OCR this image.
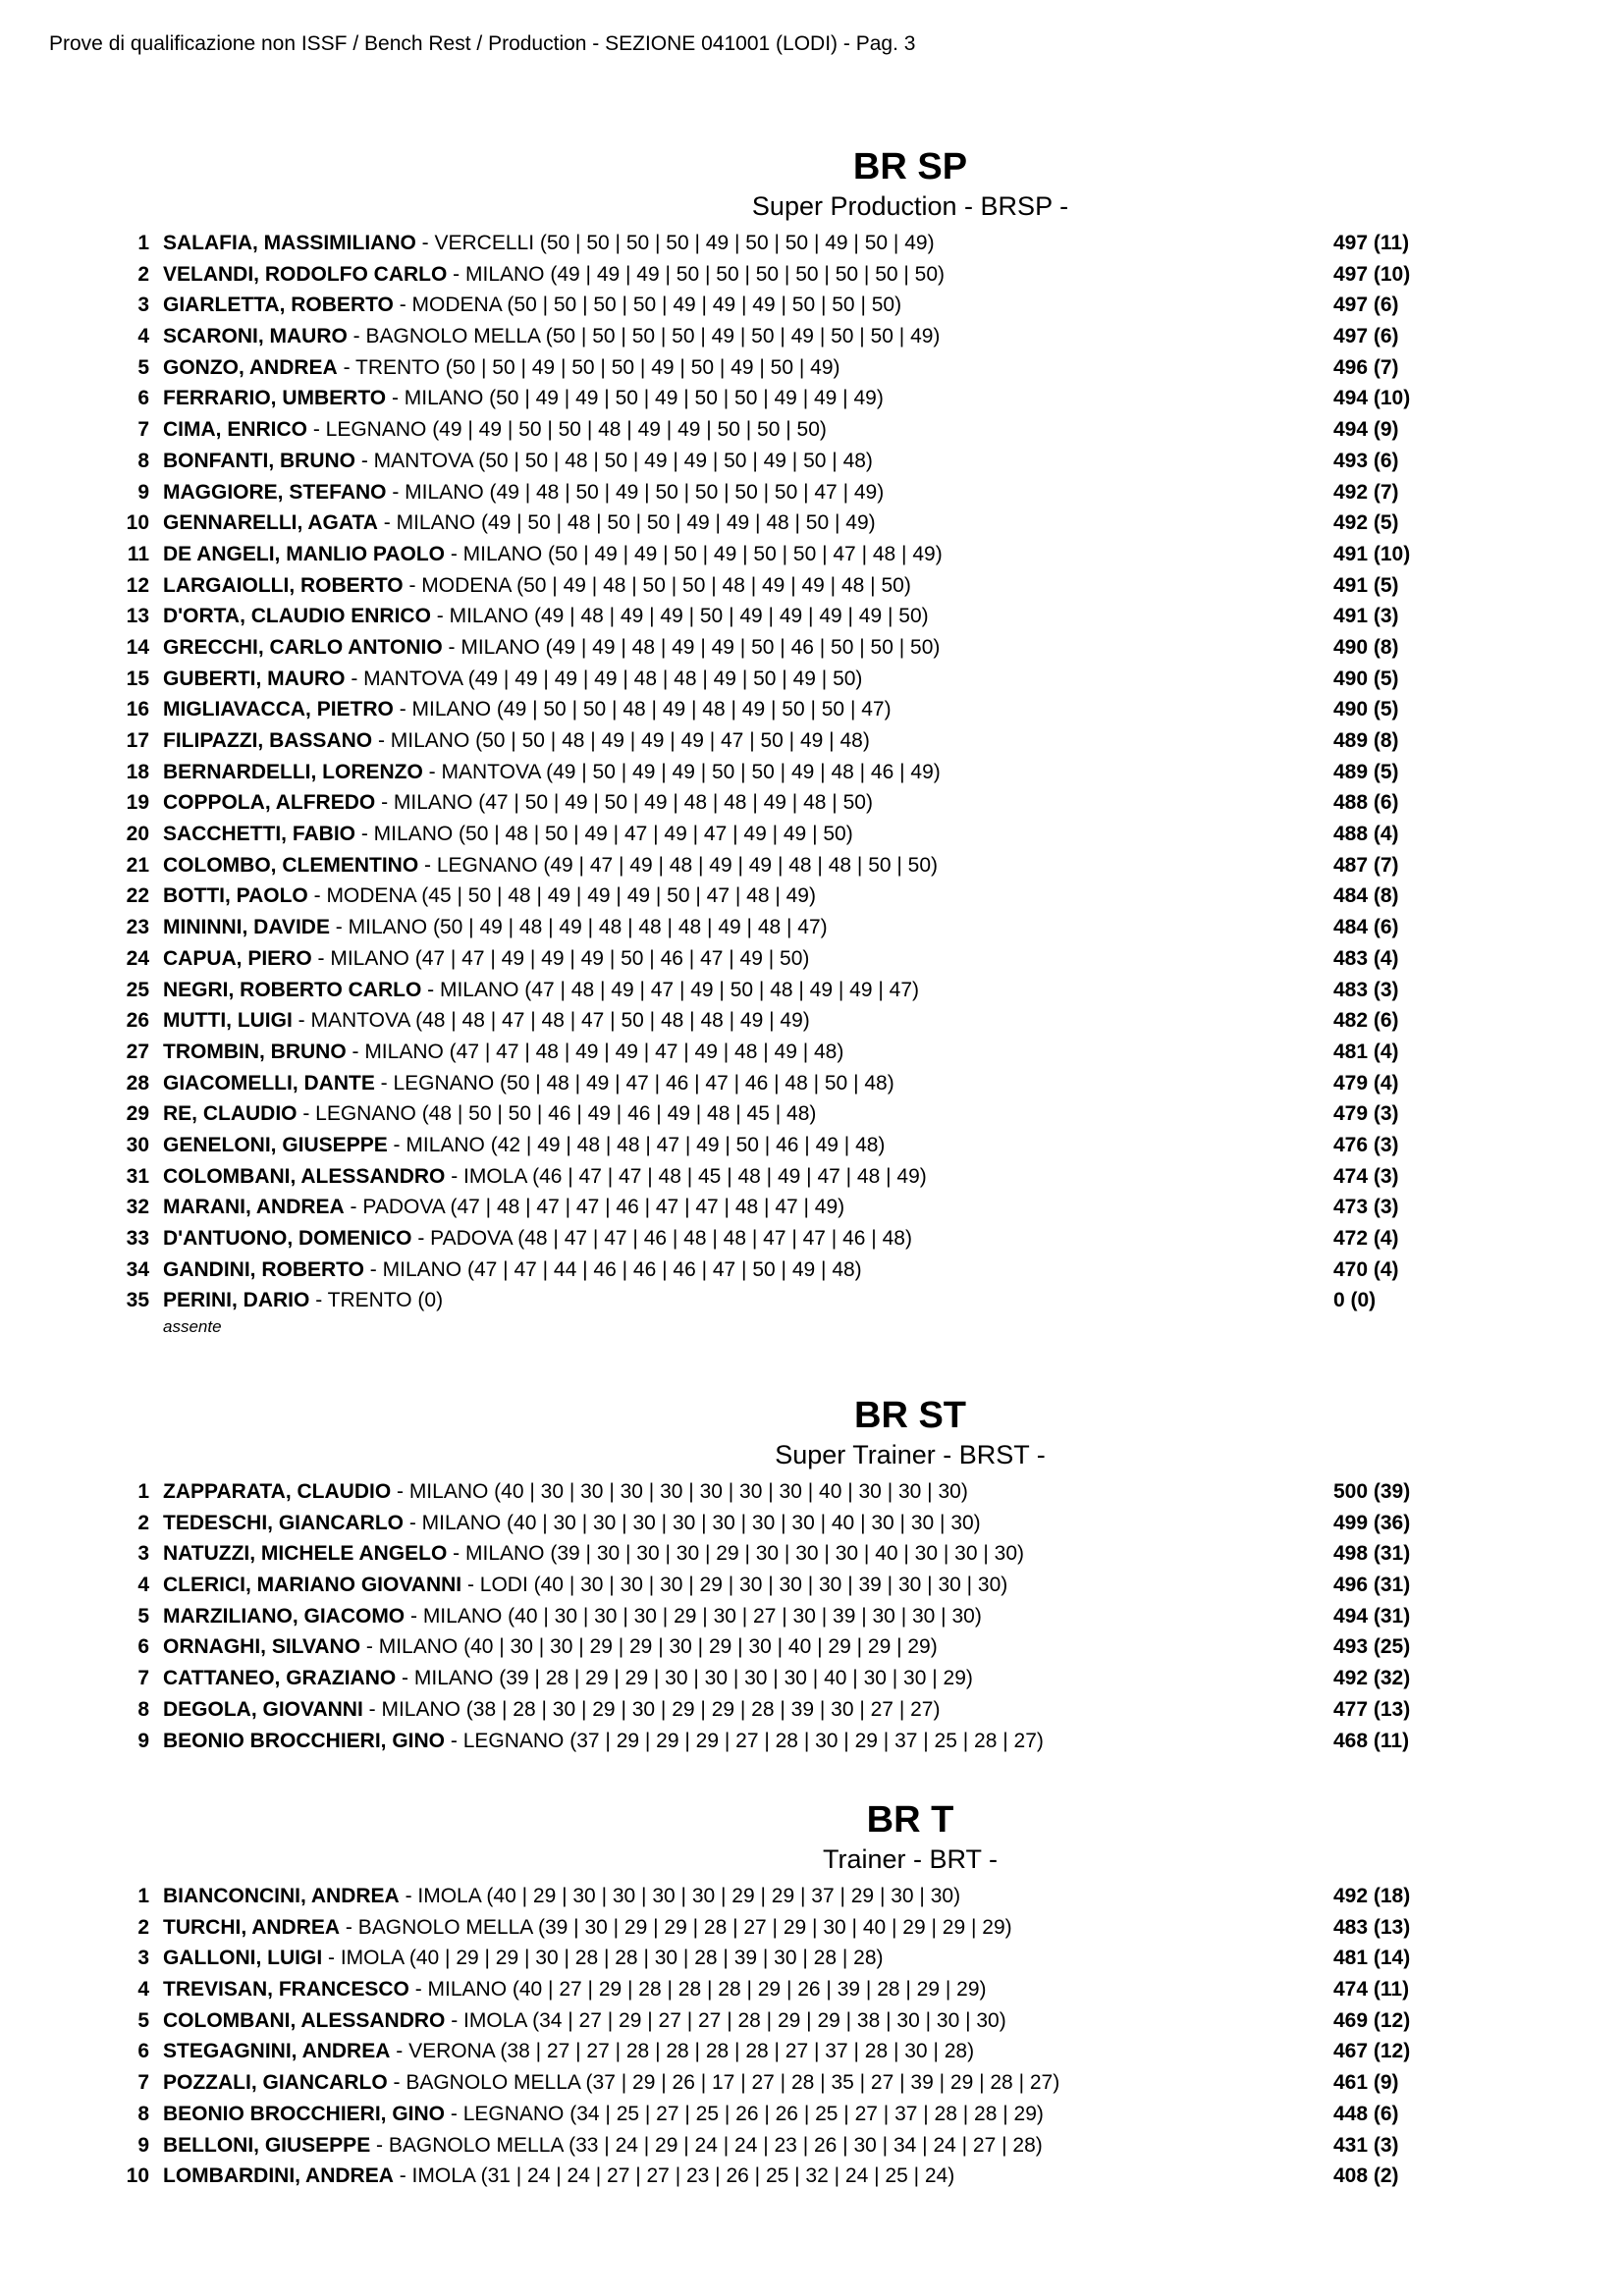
Prove di qualificazione non ISSF / Bench Rest / Production - SEZIONE 041001 (LODI) - Pag. 3
BR SP
Super Production - BRSP -
1 SALAFIA, MASSIMILIANO - VERCELLI (50 | 50 | 50 | 50 | 49 | 50 | 50 | 49 | 50 | 49)	497 (11)
2 VELANDI, RODOLFO CARLO - MILANO (49 | 49 | 49 | 50 | 50 | 50 | 50 | 50 | 50 | 50)	497 (10)
3 GIARLETTA, ROBERTO - MODENA (50 | 50 | 50 | 50 | 49 | 49 | 49 | 50 | 50 | 50)	497 (6)
4 SCARONI, MAURO - BAGNOLO MELLA (50 | 50 | 50 | 50 | 49 | 50 | 49 | 50 | 50 | 49)	497 (6)
5 GONZO, ANDREA - TRENTO (50 | 50 | 49 | 50 | 50 | 49 | 50 | 49 | 50 | 49)	496 (7)
6 FERRARIO, UMBERTO - MILANO (50 | 49 | 49 | 50 | 49 | 50 | 50 | 49 | 49 | 49)	494 (10)
7 CIMA, ENRICO - LEGNANO (49 | 49 | 50 | 50 | 48 | 49 | 49 | 50 | 50 | 50)	494 (9)
8 BONFANTI, BRUNO - MANTOVA (50 | 50 | 48 | 50 | 49 | 49 | 50 | 49 | 50 | 48)	493 (6)
9 MAGGIORE, STEFANO - MILANO (49 | 48 | 50 | 49 | 50 | 50 | 50 | 50 | 47 | 49)	492 (7)
10 GENNARELLI, AGATA - MILANO (49 | 50 | 48 | 50 | 50 | 49 | 49 | 48 | 50 | 49)	492 (5)
11 DE ANGELI, MANLIO PAOLO - MILANO (50 | 49 | 49 | 50 | 49 | 50 | 50 | 47 | 48 | 49)	491 (10)
12 LARGAIOLLI, ROBERTO - MODENA (50 | 49 | 48 | 50 | 50 | 48 | 49 | 49 | 48 | 50)	491 (5)
13 D'ORTA, CLAUDIO ENRICO - MILANO (49 | 48 | 49 | 49 | 50 | 49 | 49 | 49 | 49 | 50)	491 (3)
14 GRECCHI, CARLO ANTONIO - MILANO (49 | 49 | 48 | 49 | 49 | 50 | 46 | 50 | 50 | 50)	490 (8)
15 GUBERTI, MAURO - MANTOVA (49 | 49 | 49 | 49 | 48 | 48 | 49 | 50 | 49 | 50)	490 (5)
16 MIGLIAVACCA, PIETRO - MILANO (49 | 50 | 50 | 48 | 49 | 48 | 49 | 50 | 50 | 47)	490 (5)
17 FILIPAZZI, BASSANO - MILANO (50 | 50 | 48 | 49 | 49 | 49 | 47 | 50 | 49 | 48)	489 (8)
18 BERNARDELLI, LORENZO - MANTOVA (49 | 50 | 49 | 49 | 50 | 50 | 49 | 48 | 46 | 49)	489 (5)
19 COPPOLA, ALFREDO - MILANO (47 | 50 | 49 | 50 | 49 | 48 | 48 | 49 | 48 | 50)	488 (6)
20 SACCHETTI, FABIO - MILANO (50 | 48 | 50 | 49 | 47 | 49 | 47 | 49 | 49 | 50)	488 (4)
21 COLOMBO, CLEMENTINO - LEGNANO (49 | 47 | 49 | 48 | 49 | 49 | 48 | 48 | 50 | 50)	487 (7)
22 BOTTI, PAOLO - MODENA (45 | 50 | 48 | 49 | 49 | 49 | 50 | 47 | 48 | 49)	484 (8)
23 MININNI, DAVIDE - MILANO (50 | 49 | 48 | 49 | 48 | 48 | 48 | 49 | 48 | 47)	484 (6)
24 CAPUA, PIERO - MILANO (47 | 47 | 49 | 49 | 49 | 50 | 46 | 47 | 49 | 50)	483 (4)
25 NEGRI, ROBERTO CARLO - MILANO (47 | 48 | 49 | 47 | 49 | 50 | 48 | 49 | 49 | 47)	483 (3)
26 MUTTI, LUIGI - MANTOVA (48 | 48 | 47 | 48 | 47 | 50 | 48 | 48 | 49 | 49)	482 (6)
27 TROMBIN, BRUNO - MILANO (47 | 47 | 48 | 49 | 49 | 47 | 49 | 48 | 49 | 48)	481 (4)
28 GIACOMELLI, DANTE - LEGNANO (50 | 48 | 49 | 47 | 46 | 47 | 46 | 48 | 50 | 48)	479 (4)
29 RE, CLAUDIO - LEGNANO (48 | 50 | 50 | 46 | 49 | 46 | 49 | 48 | 45 | 48)	479 (3)
30 GENELONI, GIUSEPPE - MILANO (42 | 49 | 48 | 48 | 47 | 49 | 50 | 46 | 49 | 48)	476 (3)
31 COLOMBANI, ALESSANDRO - IMOLA (46 | 47 | 47 | 48 | 45 | 48 | 49 | 47 | 48 | 49)	474 (3)
32 MARANI, ANDREA - PADOVA (47 | 48 | 47 | 47 | 46 | 47 | 47 | 48 | 47 | 49)	473 (3)
33 D'ANTUONO, DOMENICO - PADOVA (48 | 47 | 47 | 46 | 48 | 48 | 47 | 47 | 46 | 48)	472 (4)
34 GANDINI, ROBERTO - MILANO (47 | 47 | 44 | 46 | 46 | 46 | 47 | 50 | 49 | 48)	470 (4)
35 PERINI, DARIO - TRENTO (0)	0 (0)
assente
BR ST
Super Trainer - BRST -
1 ZAPPARATA, CLAUDIO - MILANO (40 | 30 | 30 | 30 | 30 | 30 | 30 | 30 | 40 | 30 | 30 | 30)	500 (39)
2 TEDESCHI, GIANCARLO - MILANO (40 | 30 | 30 | 30 | 30 | 30 | 30 | 30 | 40 | 30 | 30 | 30)	499 (36)
3 NATUZZI, MICHELE ANGELO - MILANO (39 | 30 | 30 | 30 | 29 | 30 | 30 | 30 | 40 | 30 | 30 | 30)	498 (31)
4 CLERICI, MARIANO GIOVANNI - LODI (40 | 30 | 30 | 30 | 29 | 30 | 30 | 30 | 39 | 30 | 30 | 30)	496 (31)
5 MARZILIANO, GIACOMO - MILANO (40 | 30 | 30 | 30 | 29 | 30 | 27 | 30 | 39 | 30 | 30 | 30)	494 (31)
6 ORNAGHI, SILVANO - MILANO (40 | 30 | 30 | 29 | 29 | 30 | 29 | 30 | 40 | 29 | 29 | 29)	493 (25)
7 CATTANEO, GRAZIANO - MILANO (39 | 28 | 29 | 29 | 30 | 30 | 30 | 30 | 40 | 30 | 30 | 29)	492 (32)
8 DEGOLA, GIOVANNI - MILANO (38 | 28 | 30 | 29 | 30 | 29 | 29 | 28 | 39 | 30 | 27 | 27)	477 (13)
9 BEONIO BROCCHIERI, GINO - LEGNANO (37 | 29 | 29 | 29 | 27 | 28 | 30 | 29 | 37 | 25 | 28 | 27)	468 (11)
BR T
Trainer - BRT -
1 BIANCONCINI, ANDREA - IMOLA (40 | 29 | 30 | 30 | 30 | 30 | 29 | 29 | 37 | 29 | 30 | 30)	492 (18)
2 TURCHI, ANDREA - BAGNOLO MELLA (39 | 30 | 29 | 29 | 28 | 27 | 29 | 30 | 40 | 29 | 29 | 29)	483 (13)
3 GALLONI, LUIGI - IMOLA (40 | 29 | 29 | 30 | 28 | 28 | 30 | 28 | 39 | 30 | 28 | 28)	481 (14)
4 TREVISAN, FRANCESCO - MILANO (40 | 27 | 29 | 28 | 28 | 28 | 29 | 26 | 39 | 28 | 29 | 29)	474 (11)
5 COLOMBANI, ALESSANDRO - IMOLA (34 | 27 | 29 | 27 | 27 | 28 | 29 | 29 | 38 | 30 | 30 | 30)	469 (12)
6 STEGAGNINI, ANDREA - VERONA (38 | 27 | 27 | 28 | 28 | 28 | 28 | 27 | 37 | 28 | 30 | 28)	467 (12)
7 POZZALI, GIANCARLO - BAGNOLO MELLA (37 | 29 | 26 | 17 | 27 | 28 | 35 | 27 | 39 | 29 | 28 | 27)	461 (9)
8 BEONIO BROCCHIERI, GINO - LEGNANO (34 | 25 | 27 | 25 | 26 | 26 | 25 | 27 | 37 | 28 | 28 | 29)	448 (6)
9 BELLONI, GIUSEPPE - BAGNOLO MELLA (33 | 24 | 29 | 24 | 24 | 23 | 26 | 30 | 34 | 24 | 27 | 28)	431 (3)
10 LOMBARDINI, ANDREA - IMOLA (31 | 24 | 24 | 27 | 27 | 23 | 26 | 25 | 32 | 24 | 25 | 24)	408 (2)
